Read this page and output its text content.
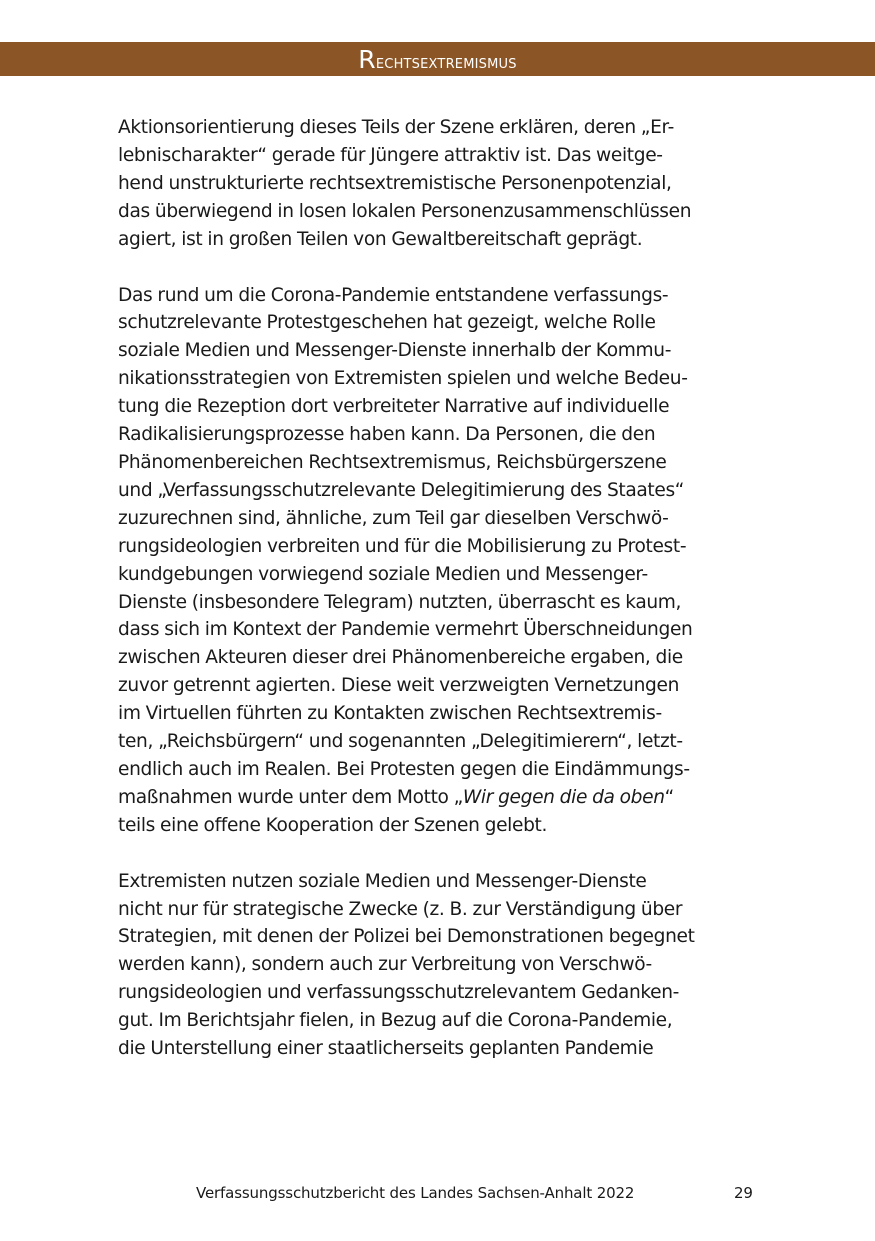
Rechtsextremismus

Aktionsorientierung dieses Teils der Szene erklären, deren „Er-
lebnischarakter“ gerade für Jüngere attraktiv ist. Das weitge-
hend unstrukturierte rechtsextremistische Personenpotenzial,
das überwiegend in losen lokalen Personenzusammenschlüssen
agiert, ist in großen Teilen von Gewaltbereitschaft geprägt.

Das rund um die Corona-Pandemie entstandene verfassungs-
schutzrelevante Protestgeschehen hat gezeigt, welche Rolle
soziale Medien und Messenger-Dienste innerhalb der Kommu-
nikationsstrategien von Extremisten spielen und welche Bedeu-
tung die Rezeption dort verbreiteter Narrative auf individuelle
Radikalisierungsprozesse haben kann. Da Personen, die den
Phänomenbereichen Rechtsextremismus, Reichsbürgerszene
und „Verfassungsschutzrelevante Delegitimierung des Staates“
zuzurechnen sind, ähnliche, zum Teil gar dieselben Verschwö-
rungsideologien verbreiten und für die Mobilisierung zu Protest-
kundgebungen vorwiegend soziale Medien und Messenger-
Dienste (insbesondere Telegram) nutzten, überrascht es kaum,
dass sich im Kontext der Pandemie vermehrt Überschneidungen
zwischen Akteuren dieser drei Phänomenbereiche ergaben, die
zuvor getrennt agierten. Diese weit verzweigten Vernetzungen
im Virtuellen führten zu Kontakten zwischen Rechtsextremis-
ten, „Reichsbürgern“ und sogenannten „Delegitimierern“, letzt-
endlich auch im Realen. Bei Protesten gegen die Eindämmungs-
maßnahmen wurde unter dem Motto „Wir gegen die da oben“
teils eine offene Kooperation der Szenen gelebt.

Extremisten nutzen soziale Medien und Messenger-Dienste
nicht nur für strategische Zwecke (z. B. zur Verständigung über
Strategien, mit denen der Polizei bei Demonstrationen begegnet
werden kann), sondern auch zur Verbreitung von Verschwö-
rungsideologien und verfassungsschutzrelevantem Gedanken-
gut. Im Berichtsjahr fielen, in Bezug auf die Corona-Pandemie,
die Unterstellung einer staatlicherseits geplanten Pandemie

Verfassungsschutzbericht des Landes Sachsen-Anhalt 2022	29
